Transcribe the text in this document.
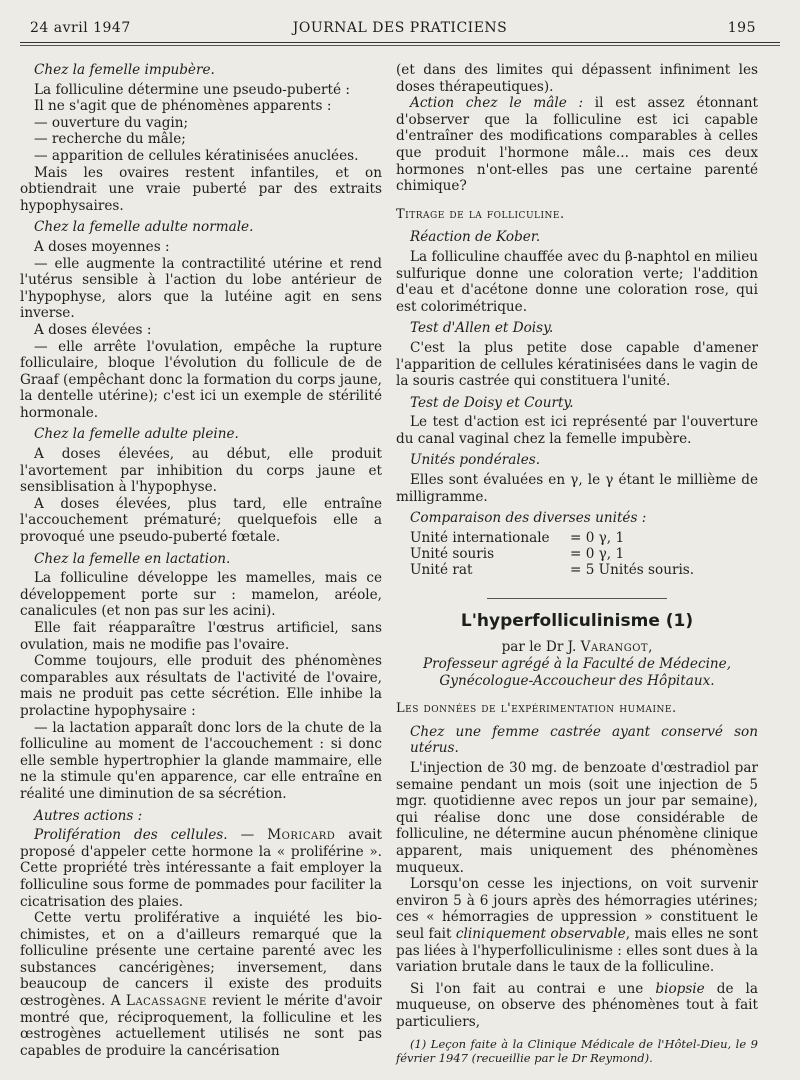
24 avril 1947	JOURNAL DES PRATICIENS	195

Chez la femelle impubère.

La folliculine détermine une pseudo-puberté :

Il ne s'agit que de phénomènes apparents :

— ouverture du vagin;

— recherche du mâle;

— apparition de cellules kératinisées anuclées.

Mais les ovaires restent infantiles, et on obtiendrait une vraie puberté par des extraits hypophysaires.

Chez la femelle adulte normale.

A doses moyennes :

— elle augmente la contractilité utérine et rend l'utérus sensible à l'action du lobe antérieur de l'hypophyse, alors que la lutéine agit en sens inverse.

A doses élevées :

— elle arrête l'ovulation, empêche la rupture folliculaire, bloque l'évolution du follicule de de Graaf (empêchant donc la formation du corps jaune, la dentelle utérine); c'est ici un exemple de stérilité hormonale.

Chez la femelle adulte pleine.

A doses élevées, au début, elle produit l'avortement par inhibition du corps jaune et sensiblisation à l'hypophyse.

A doses élevées, plus tard, elle entraîne l'accouchement prématuré; quelquefois elle a provoqué une pseudo-puberté fœtale.

Chez la femelle en lactation.

La folliculine développe les mamelles, mais ce développement porte sur : mamelon, aréole, canalicules (et non pas sur les acini).

Elle fait réapparaître l'œstrus artificiel, sans ovulation, mais ne modifie pas l'ovaire.

Comme toujours, elle produit des phénomènes comparables aux résultats de l'activité de l'ovaire, mais ne produit pas cette sécrétion. Elle inhibe la prolactine hypophysaire :

— la lactation apparaît donc lors de la chute de la folliculine au moment de l'accouchement : si donc elle semble hypertrophier la glande mammaire, elle ne la stimule qu'en apparence, car elle entraîne en réalité une diminution de sa sécrétion.

Autres actions :

Prolifération des cellules. — Moricard avait proposé d'appeler cette hormone la « proliférine ». Cette propriété très intéressante a fait employer la folliculine sous forme de pommades pour faciliter la cicatrisation des plaies.

Cette vertu proliférative a inquiété les bio-chimistes, et on a d'ailleurs remarqué que la folliculine présente une certaine parenté avec les substances cancérigènes; inversement, dans beaucoup de cancers il existe des produits œstrogènes. A Lacassagne revient le mérite d'avoir montré que, réciproquement, la folliculine et les œstrogènes actuellement utilisés ne sont pas capables de produire la cancérisation

(et dans des limites qui dépassent infiniment les doses thérapeutiques).

Action chez le mâle : il est assez étonnant d'observer que la folliculine est ici capable d'entraîner des modifications comparables à celles que produit l'hormone mâle... mais ces deux hormones n'ont-elles pas une certaine parenté chimique?

Titrage de la folliculine.

Réaction de Kober.

La folliculine chauffée avec du β-naphtol en milieu sulfurique donne une coloration verte; l'addition d'eau et d'acétone donne une coloration rose, qui est colorimétrique.

Test d'Allen et Doisy.

C'est la plus petite dose capable d'amener l'apparition de cellules kératinisées dans le vagin de la souris castrée qui constituera l'unité.

Test de Doisy et Courty.

Le test d'action est ici représenté par l'ouverture du canal vaginal chez la femelle impubère.

Unités pondérales.

Elles sont évaluées en γ, le γ étant le millième de milligramme.

Comparaison des diverses unités :

Unité internationale	= 0 γ, 1
Unité souris	= 0 γ, 1
Unité rat	= 5 Unités souris.

L'hyperfolliculinisme (1)

par le Dr J. Varangot,

Professeur agrégé à la Faculté de Médecine,

Gynécologue-Accoucheur des Hôpitaux.

Les données de l'expérimentation humaine.

Chez une femme castrée ayant conservé son utérus.

L'injection de 30 mg. de benzoate d'œstradiol par semaine pendant un mois (soit une injection de 5 mgr. quotidienne avec repos un jour par semaine), qui réalise donc une dose considérable de folliculine, ne détermine aucun phénomène clinique apparent, mais uniquement des phénomènes muqueux.

Lorsqu'on cesse les injections, on voit survenir environ 5 à 6 jours après des hémorragies utérines; ces « hémorragies de uppression » constituent le seul fait cliniquement observable, mais elles ne sont pas liées à l'hyperfolliculinisme : elles sont dues à la variation brutale dans le taux de la folliculine.

Si l'on fait au contrai e une biopsie de la muqueuse, on observe des phénomènes tout à fait particuliers,

(1) Leçon faite à la Clinique Médicale de l'Hôtel-Dieu, le 9 février 1947 (recueillie par le Dr Reymond).
